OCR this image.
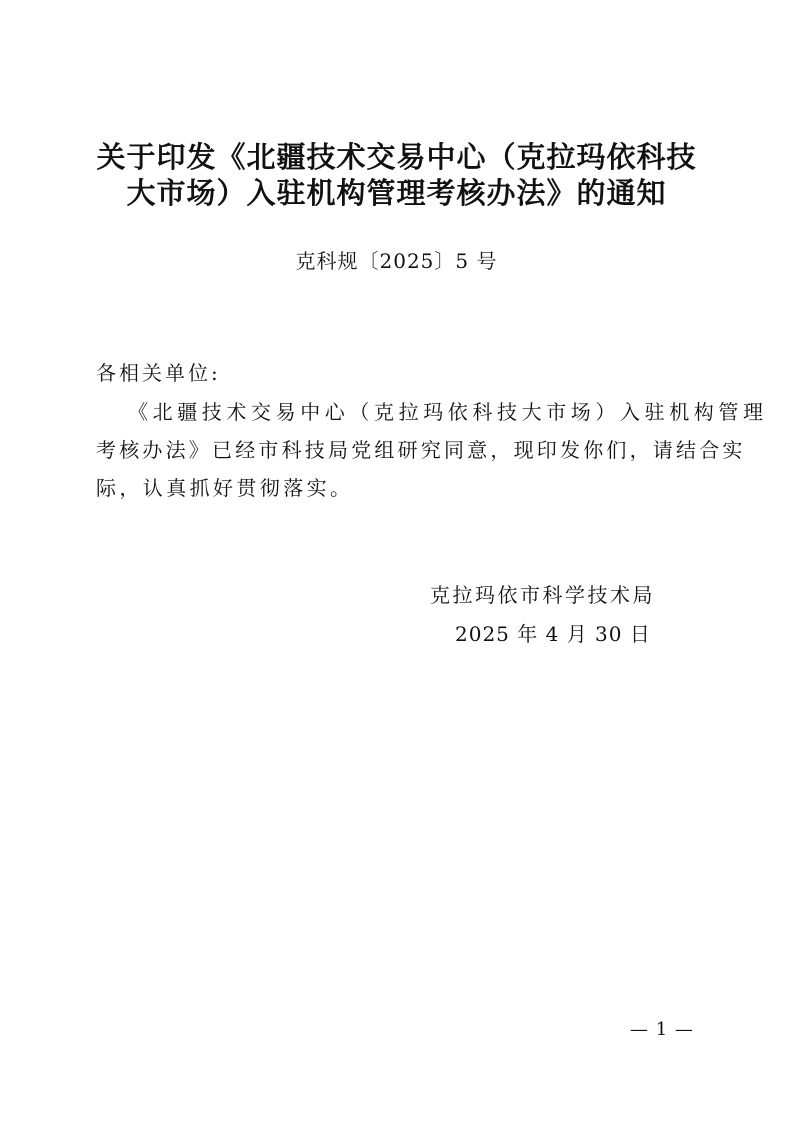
关于印发《北疆技术交易中心（克拉玛依科技
大市场）入驻机构管理考核办法》的通知
克科规〔2025〕5 号
各相关单位:
《北疆技术交易中心（克拉玛依科技大市场）入驻机构管理
考核办法》已经市科技局党组研究同意，现印发你们，请结合实
际，认真抓好贯彻落实。
克拉玛依市科学技术局
2025 年 4 月 30 日
— 1 —
